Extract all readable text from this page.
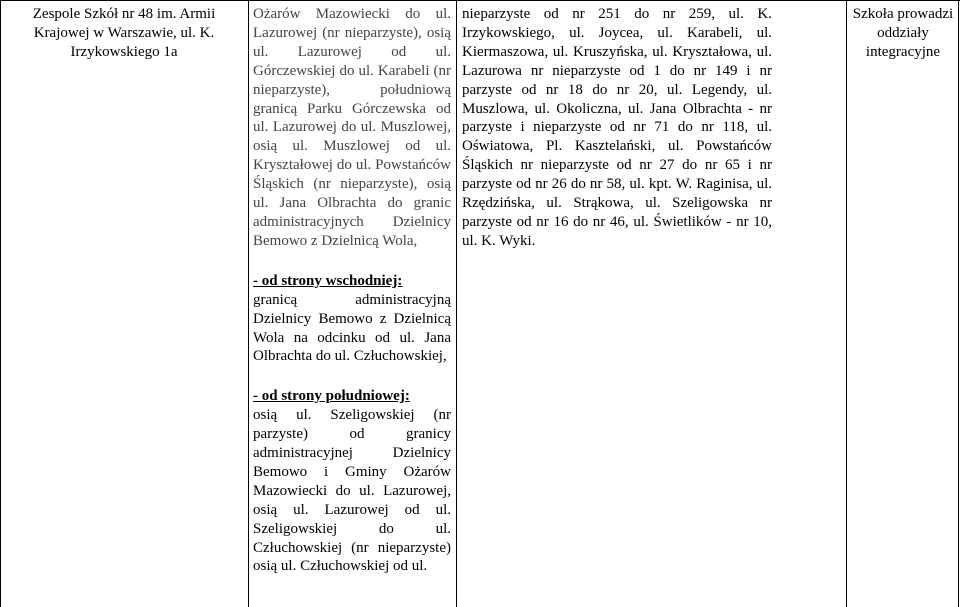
Zespole Szkół nr 48 im. Armii Krajowej w Warszawie, ul. K. Irzykowskiego 1a

Ożarów Mazowiecki do ul. Lazurowej (nr nieparzyste), osią ul. Lazurowej od ul. Górczewskiej do ul. Karabeli (nr nieparzyste), południową granicą Parku Górczewska od ul. Lazurowej do ul. Muszlowej, osią ul. Muszlowej od ul. Kryształowej do ul. Powstańców Śląskich (nr nieparzyste), osią ul. Jana Olbrachta do granic administracyjnych Dzielnicy Bemowo z Dzielnicą Wola,

- od strony wschodniej:
granicą administracyjną Dzielnicy Bemowo z Dzielnicą Wola na odcinku od ul. Jana Olbrachta do ul. Człuchowskiej,

- od strony południowej:
osią ul. Szeligowskiej (nr parzyste) od granicy administracyjnej Dzielnicy Bemowo i Gminy Ożarów Mazowiecki do ul. Lazurowej, osią ul. Lazurowej od ul. Szeligowskiej do ul. Człuchowskiej (nr nieparzyste) osią ul. Człuchowskiej od ul.

nieparzyste od nr 251 do nr 259, ul. K. Irzykowskiego, ul. Joycea, ul. Karabeli, ul. Kiermaszowa, ul. Kruszyńska, ul. Kryształowa, ul. Lazurowa nr nieparzyste od 1 do nr 149 i nr parzyste od nr 18 do nr 20, ul. Legendy, ul. Muszlowa, ul. Okoliczna, ul. Jana Olbrachta - nr parzyste i nieparzyste od nr 71 do nr 118, ul. Oświatowa, Pl. Kasztelański, ul. Powstańców Śląskich nr nieparzyste od nr 27 do nr 65 i nr parzyste od nr 26 do nr 58, ul. kpt. W. Raginisa, ul. Rzędzińska, ul. Strąkowa, ul. Szeligowska nr parzyste od nr 16 do nr 46, ul. Świetlików - nr 10, ul. K. Wyki.

Szkoła prowadzi oddziały integracyjne
